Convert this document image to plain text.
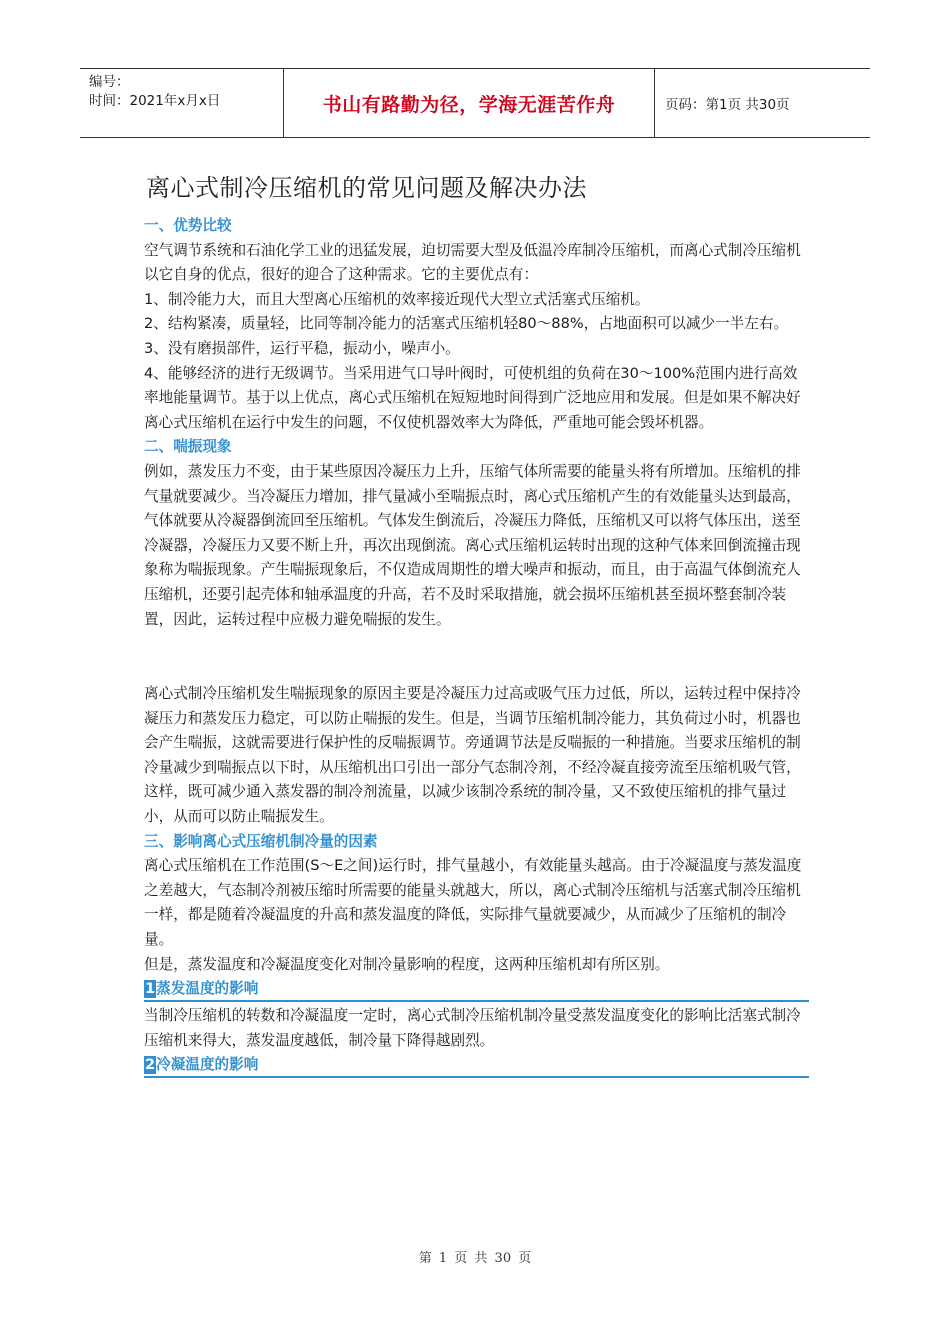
编号：
时间：2021年x月x日	书山有路勤为径，学海无涯苦作舟	页码：第1页 共30页
离心式制冷压缩机的常见问题及解决办法

一、优势比较

空气调节系统和石油化学工业的迅猛发展，迫切需要大型及低温冷库制冷压缩机，而离心式制冷压缩机以它自身的优点，很好的迎合了这种需求。它的主要优点有：

1、制冷能力大，而且大型离心压缩机的效率接近现代大型立式活塞式压缩机。

2、结构紧凑，质量轻，比同等制冷能力的活塞式压缩机轻80～88%，占地面积可以减少一半左右。

3、没有磨损部件，运行平稳，振动小，噪声小。

4、能够经济的进行无级调节。当采用进气口导叶阀时，可使机组的负荷在30～100%范围内进行高效率地能量调节。基于以上优点，离心式压缩机在短短地时间得到广泛地应用和发展。但是如果不解决好离心式压缩机在运行中发生的问题，不仅使机器效率大为降低，严重地可能会毁坏机器。

二、喘振现象

例如，蒸发压力不变，由于某些原因冷凝压力上升，压缩气体所需要的能量头将有所增加。压缩机的排气量就要减少。当冷凝压力增加，排气量减小至喘振点时，离心式压缩机产生的有效能量头达到最高，气体就要从冷凝器倒流回至压缩机。气体发生倒流后，冷凝压力降低，压缩机又可以将气体压出，送至冷凝器，冷凝压力又要不断上升，再次出现倒流。离心式压缩机运转时出现的这种气体来回倒流撞击现象称为喘振现象。产生喘振现象后，不仅造成周期性的增大噪声和振动，而且，由于高温气体倒流充人压缩机，还要引起壳体和轴承温度的升高，若不及时采取措施，就会损坏压缩机甚至损坏整套制冷装置，因此，运转过程中应极力避免喘振的发生。

离心式制冷压缩机发生喘振现象的原因主要是冷凝压力过高或吸气压力过低，所以，运转过程中保持冷凝压力和蒸发压力稳定，可以防止喘振的发生。但是，当调节压缩机制冷能力，其负荷过小时，机器也会产生喘振，这就需要进行保护性的反喘振调节。旁通调节法是反喘振的一种措施。当要求压缩机的制冷量减少到喘振点以下时，从压缩机出口引出一部分气态制冷剂，不经冷凝直接旁流至压缩机吸气管，这样，既可减少通入蒸发器的制冷剂流量，以减少该制冷系统的制冷量，又不致使压缩机的排气量过小，从而可以防止喘振发生。

三、影响离心式压缩机制冷量的因素

离心式压缩机在工作范围(S～E之间)运行时，排气量越小，有效能量头越高。由于冷凝温度与蒸发温度之差越大，气态制冷剂被压缩时所需要的能量头就越大，所以，离心式制冷压缩机与活塞式制冷压缩机一样，都是随着冷凝温度的升高和蒸发温度的降低，实际排气量就要减少，从而减少了压缩机的制冷量。

但是，蒸发温度和冷凝温度变化对制冷量影响的程度，这两种压缩机却有所区别。

1蒸发温度的影响

当制冷压缩机的转数和冷凝温度一定时，离心式制冷压缩机制冷量受蒸发温度变化的影响比活塞式制冷压缩机来得大，蒸发温度越低，制冷量下降得越剧烈。

2冷凝温度的影响
第 1 页 共 30 页
